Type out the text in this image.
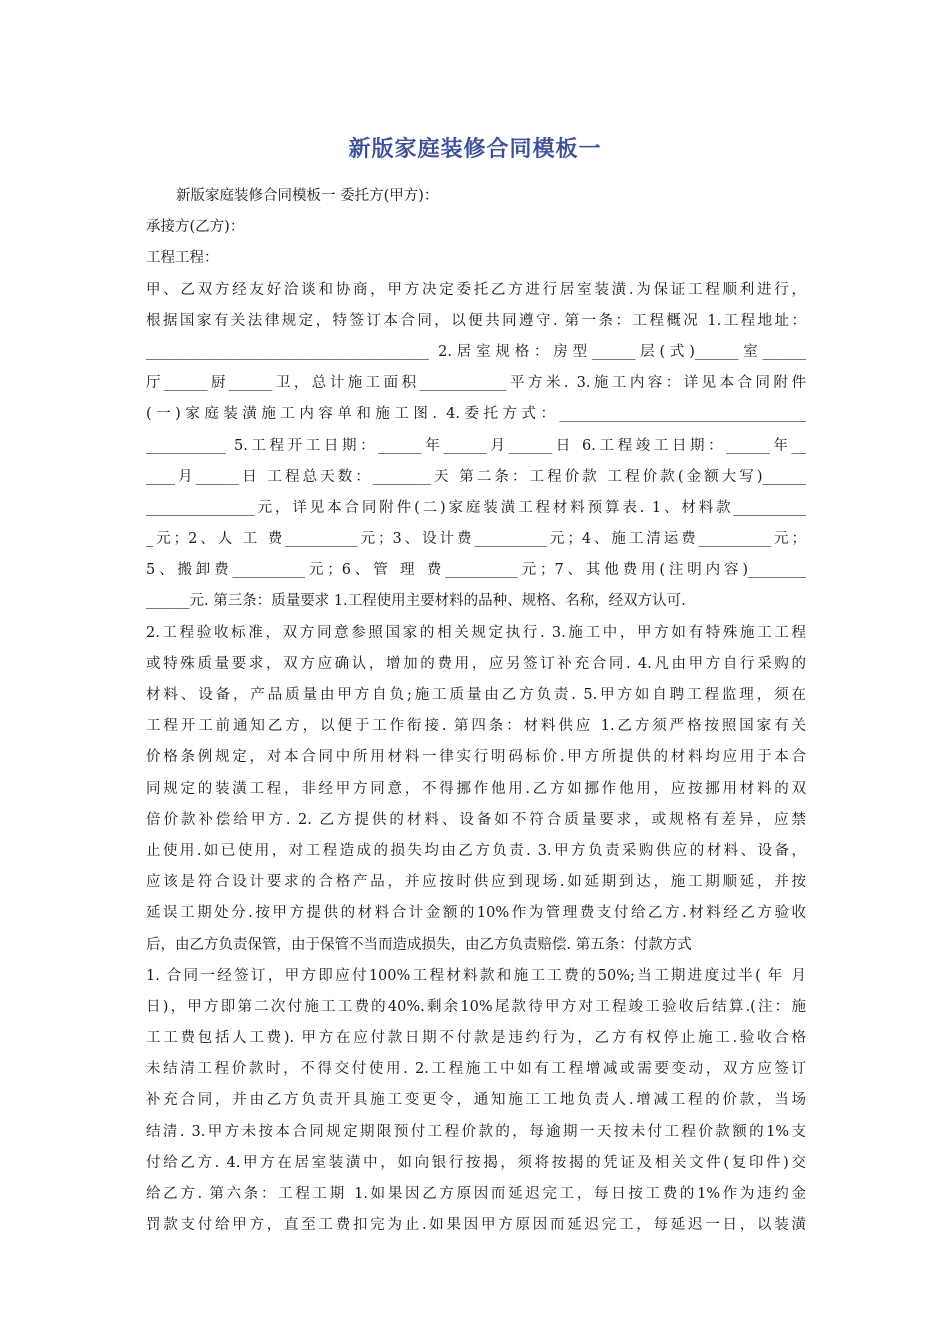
新版家庭装修合同模板一
新版家庭装修合同模板一 委托方(甲方)：
承接方(乙方)：
工程工程：
甲、乙双方经友好洽谈和协商，甲方决定委托乙方进行居室装潢.为保证工程顺利进行，
根据国家有关法律规定，特签订本合同，以便共同遵守. 第一条：工程概况 1.工程地址：
_______________________________________ 2.居室规格：房型______层(式)______室______
厅______厨______卫，总计施工面积____________平方米. 3.施工内容：详见本合同附件
(一)家庭装潢施工内容单和施工图. 4.委托方式：__________________________________
___________ 5.工程开工日期：______年______月______日 6.工程竣工日期：______年__
____月______日 工程总天数：________天 第二条：工程价款 工程价款(金额大写)______
_______________元，详见本合同附件(二)家庭装潢工程材料预算表. 1、材料款__________
_元；2、人 工 费__________元；3、设计费__________元；4、施工清运费__________元；
5、搬卸费__________元；6、管 理 费__________元；7、其他费用(注明内容)________
______元. 第三条：质量要求 1.工程使用主要材料的品种、规格、名称，经双方认可.
2.工程验收标准，双方同意参照国家的相关规定执行. 3.施工中，甲方如有特殊施工工程
或特殊质量要求，双方应确认，增加的费用，应另签订补充合同. 4.凡由甲方自行采购的
材料、设备，产品质量由甲方自负;施工质量由乙方负责. 5.甲方如自聘工程监理，须在
工程开工前通知乙方，以便于工作衔接. 第四条：材料供应 1.乙方须严格按照国家有关
价格条例规定，对本合同中所用材料一律实行明码标价.甲方所提供的材料均应用于本合
同规定的装潢工程，非经甲方同意，不得挪作他用.乙方如挪作他用，应按挪用材料的双
倍价款补偿给甲方. 2. 乙方提供的材料、设备如不符合质量要求，或规格有差异，应禁
止使用.如已使用，对工程造成的损失均由乙方负责. 3.甲方负责采购供应的材料、设备，
应该是符合设计要求的合格产品，并应按时供应到现场.如延期到达，施工期顺延，并按
延误工期处分.按甲方提供的材料合计金额的10%作为管理费支付给乙方.材料经乙方验收
后，由乙方负责保管，由于保管不当而造成损失，由乙方负责赔偿. 第五条：付款方式
1. 合同一经签订，甲方即应付100%工程材料款和施工工费的50%;当工期进度过半( 年 月
日)，甲方即第二次付施工工费的40%.剩余10%尾款待甲方对工程竣工验收后结算.(注：施
工工费包括人工费). 甲方在应付款日期不付款是违约行为，乙方有权停止施工.验收合格
未结清工程价款时，不得交付使用. 2.工程施工中如有工程增减或需要变动，双方应签订
补充合同，并由乙方负责开具施工变更令，通知施工工地负责人.增减工程的价款，当场
结清. 3.甲方未按本合同规定期限预付工程价款的，每逾期一天按未付工程价款额的1%支
付给乙方. 4.甲方在居室装潢中，如向银行按揭，须将按揭的凭证及相关文件(复印件)交
给乙方. 第六条：工程工期 1.如果因乙方原因而延迟完工，每日按工费的1%作为违约金
罚款支付给甲方，直至工费扣完为止.如果因甲方原因而延迟完工，每延迟一日，以装潢
